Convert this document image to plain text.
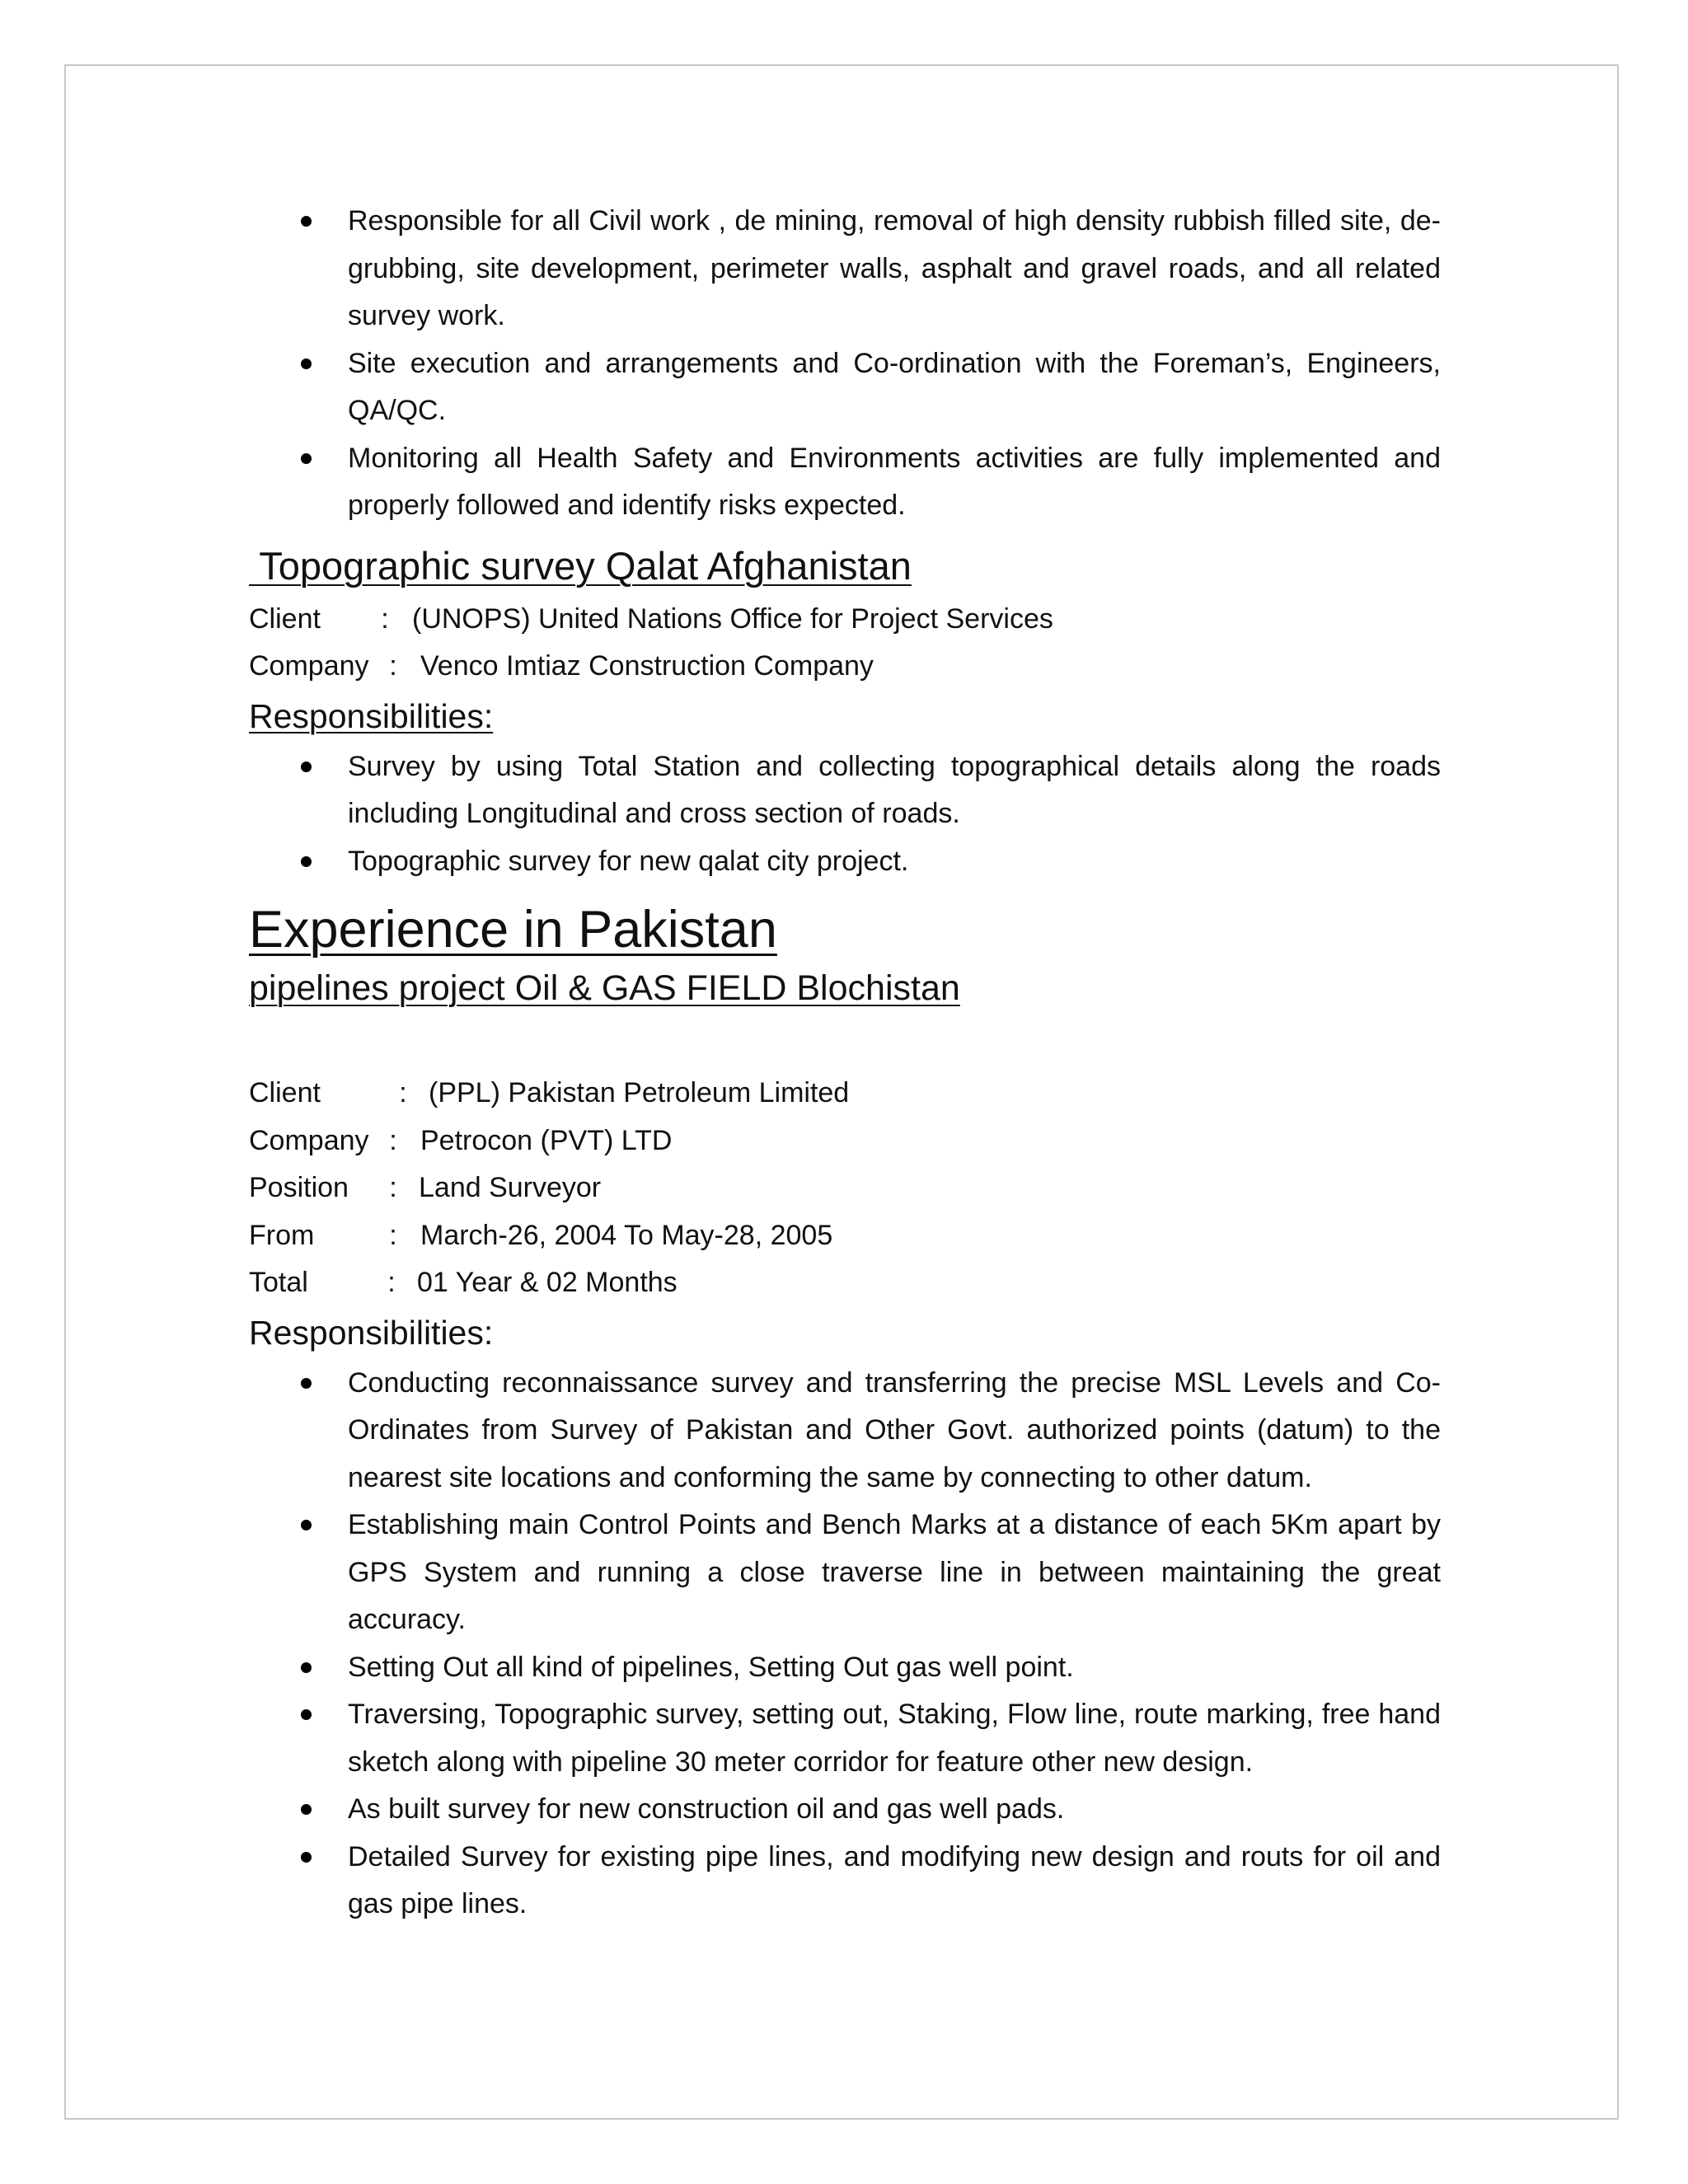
Responsible for all Civil work , de mining, removal of high density rubbish filled site, de-grubbing, site development, perimeter walls, asphalt and gravel roads, and all related survey work.
Site execution and arrangements and Co-ordination with the Foreman’s, Engineers, QA/QC.
Monitoring all Health Safety and Environments activities are fully implemented and properly followed and identify risks expected.
Topographic survey Qalat Afghanistan
Client	: (UNOPS) United Nations Office for Project Services
Company : Venco Imtiaz Construction Company
Responsibilities:
Survey by using Total Station and collecting topographical details along the roads including Longitudinal and cross section of roads.
Topographic survey for new qalat city project.
Experience in Pakistan
pipelines project Oil & GAS FIELD Blochistan
Client	: (PPL) Pakistan Petroleum Limited
Company : Petrocon (PVT) LTD
Position	: Land Surveyor
From	: March-26, 2004 To May-28, 2005
Total	: 01 Year & 02 Months
Responsibilities:
Conducting reconnaissance survey and transferring the precise MSL Levels and Co-Ordinates from Survey of Pakistan and Other Govt. authorized points (datum) to the nearest site locations and conforming the same by connecting to other datum.
Establishing main Control Points and Bench Marks at a distance of each 5Km apart by GPS System and running a close traverse line in between maintaining the great accuracy.
Setting Out all kind of pipelines, Setting Out gas well point.
Traversing, Topographic survey, setting out, Staking, Flow line, route marking, free hand sketch along with pipeline 30 meter corridor for feature other new design.
As built survey for new construction oil and gas well pads.
Detailed Survey for existing pipe lines, and modifying new design and routs for oil and gas pipe lines.
